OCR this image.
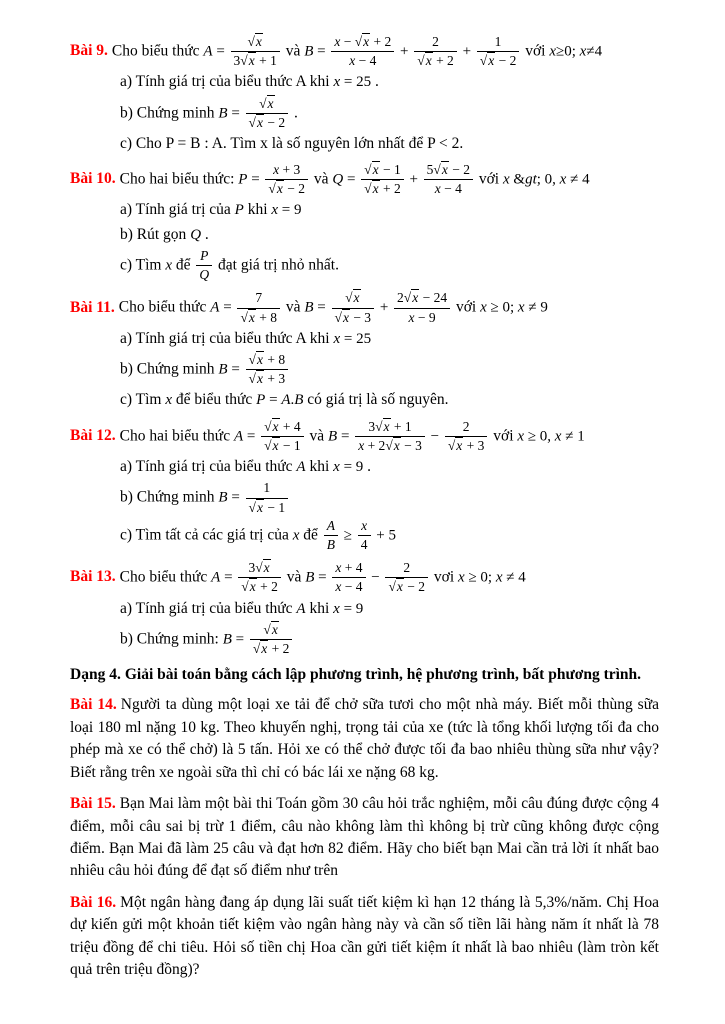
Bài 9. Cho biểu thức $A = \frac{√x}{3√x + 1}$ và $B = \frac{x - √x + 2}{x - 4} + \frac{2}{√x + 2} + \frac{1}{√x - 2}$ với x≥0; x≠4
a) Tính giá trị của biểu thức A khi x = 25 .
b) Chứng minh $B = \frac{√x}{√x - 2}$ .
c) Cho P = B : A. Tìm x là số nguyên lớn nhất để P < 2.
Bài 10. Cho hai biểu thức: $P = \frac{x + 3}{√x - 2}$ và $Q = \frac{√x - 1}{√x + 2} + \frac{5√x - 2}{x - 4}$ với x &gt; 0, x ≠ 4
a) Tính giá trị của P khi x = 9
b) Rút gọn Q .
c) Tìm x để $\frac{P}{Q}$ đạt giá trị nhỏ nhất.
Bài 11. Cho biểu thức $A = \frac{7}{√x + 8}$ và $B = \frac{√x}{√x - 3} + \frac{2√x - 24}{x - 9}$ với x ≥ 0; x ≠ 9
a) Tính giá trị của biểu thức A khi x = 25
b) Chứng minh $B = \frac{√x + 8}{√x + 3}$
c) Tìm x để biểu thức P = A.B có giá trị là số nguyên.
Bài 12. Cho hai biểu thức $A = \frac{√x + 4}{√x - 1}$ và $B = \frac{3√x + 1}{x + 2√x - 3} - \frac{2}{√x + 3}$ với x ≥ 0, x ≠ 1
a) Tính giá trị của biểu thức A khi x = 9 .
b) Chứng minh $B = \frac{1}{√x - 1}$
c) Tìm tất cả các giá trị của x để $\frac{A}{B} \ge \frac{x}{4} + 5$
Bài 13. Cho biểu thức $A = \frac{3√x}{√x + 2}$ và $B = \frac{x + 4}{x - 4} - \frac{2}{√x - 2}$ vơi x ≥ 0; x ≠ 4
a) Tính giá trị của biểu thức A khi x = 9
b) Chứng minh: $B = \frac{√x}{√x + 2}$
Dạng 4. Giải bài toán bằng cách lập phương trình, hệ phương trình, bất phương trình.
Bài 14. Người ta dùng một loại xe tải để chở sữa tươi cho một nhà máy. Biết mỗi thùng sữa loại 180 ml nặng 10 kg. Theo khuyến nghị, trọng tải của xe (tức là tổng khối lượng tối đa cho phép mà xe có thể chở) là 5 tấn. Hỏi xe có thể chở được tối đa bao nhiêu thùng sữa như vậy? Biết rằng trên xe ngoài sữa thì chỉ có bác lái xe nặng 68 kg.
Bài 15. Bạn Mai làm một bài thi Toán gồm 30 câu hỏi trắc nghiệm, mỗi câu đúng được cộng 4 điểm, mỗi câu sai bị trừ 1 điểm, câu nào không làm thì không bị trừ cũng không được cộng điểm. Bạn Mai đã làm 25 câu và đạt hơn 82 điểm. Hãy cho biết bạn Mai cần trả lời ít nhất bao nhiêu câu hỏi đúng để đạt số điểm như trên
Bài 16. Một ngân hàng đang áp dụng lãi suất tiết kiệm kì hạn 12 tháng là 5,3%/năm. Chị Hoa dự kiến gửi một khoản tiết kiệm vào ngân hàng này và cần số tiền lãi hàng năm ít nhất là 78 triệu đồng để chi tiêu. Hỏi số tiền chị Hoa cần gửi tiết kiệm ít nhất là bao nhiêu (làm tròn kết quả trên triệu đồng)?
